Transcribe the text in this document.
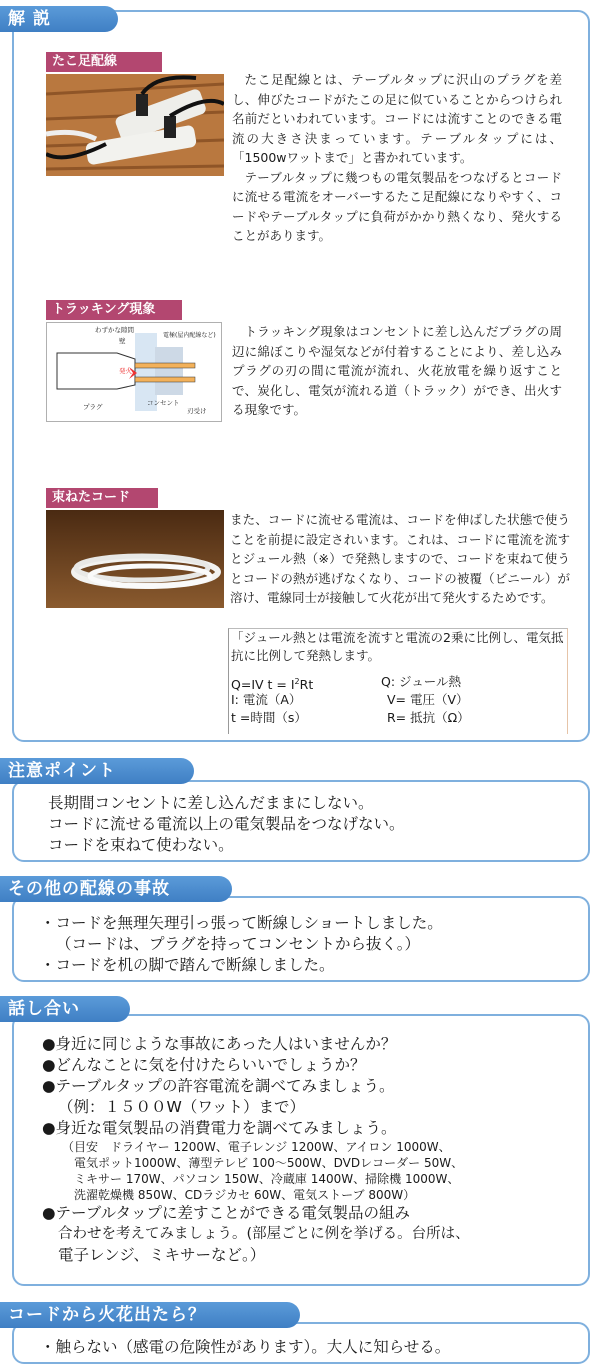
解 説
たこ足配線

たこ足配線とは、テーブルタップに沢山のプラグを差し、伸びたコードがたこの足に似ていることからつけられ名前だといわれています。コードには流すことのできる電流の大きさ決まっています。テーブルタップには、「1500wワットまで」と書かれています。

テーブルタップに幾つもの電気製品をつなげるとコードに流せる電流をオーバーするたこ足配線になりやすく、コードやテーブルタップに負荷がかかり熱くなり、発火することがあります。

トラッキング現象
わずかな隙間
壁
電極(屋内配線など)
発火
コンセント
プラグ	刃受け

トラッキング現象はコンセントに差し込んだプラグの周辺に綿ぼこりや湿気などが付着することにより、差し込みプラグの刃の間に電流が流れ、火花放電を繰り返すことで、炭化し、電気が流れる道（トラック）ができ、出火する現象です。

束ねたコード

また、コードに流せる電流は、コードを伸ばした状態で使うことを前提に設定されいます。これは、コードに電流を流すとジュール熱（※）で発熱しますので、コードを束ねて使うとコードの熱が逃げなくなり、コードの被覆（ビニール）が溶け、電線同士が接触して火花が出て発火するためです。

「ジュール熱とは電流を流すと電流の2乗に比例し、電気抵抗に比例して発熱します。
Q=IV $t = I^2Rt$	Q: ジュール熱
I: 電流（A）	V= 電圧（V）
t =時間（s）	R= 抵抗（Ω）
注意ポイント
長期間コンセントに差し込んだままにしない。
コードに流せる電流以上の電気製品をつなげない。
コードを束ねて使わない。
その他の配線の事故
・コードを無理矢理引っ張って断線しショートしました。
（コードは、プラグを持ってコンセントから抜く。）
・コードを机の脚で踏んで断線しました。
話し合い
●身近に同じような事故にあった人はいませんか？
●どんなことに気を付けたらいいでしょうか？
●テーブルタップの許容電流を調べてみましょう。
（例：１５００W（ワット）まで）
●身近な電気製品の消費電力を調べてみましょう。
（目安　ドライヤー 1200W、電子レンジ 1200W、アイロン 1000W、
電気ポット1000W、薄型テレビ 100～500W、DVDレコーダー 50W、
ミキサー 170W、パソコン 150W、冷蔵庫 1400W、掃除機 1000W、
洗濯乾燥機 850W、CDラジカセ 60W、電気ストーブ 800W）
●テーブルタップに差すことができる電気製品の組み
合わせを考えてみましょう。(部屋ごとに例を挙げる。台所は、
電子レンジ、ミキサーなど。）
コードから火花出たら？
・触らない（感電の危険性があります）。大人に知らせる。
